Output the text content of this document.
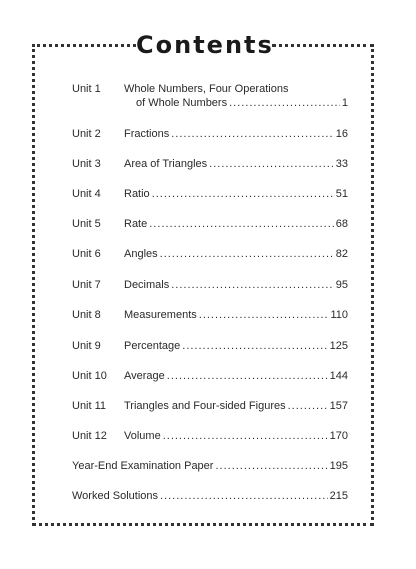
Contents
Unit 1	Whole Numbers, Four Operations
of Whole Numbers .....	1
Unit 2	Fractions .....	16
Unit 3	Area of Triangles .....	33
Unit 4	Ratio .....	51
Unit 5	Rate .....	68
Unit 6	Angles .....	82
Unit 7	Decimals .....	95
Unit 8	Measurements .....	110
Unit 9	Percentage .....	125
Unit 10	Average .....	144
Unit 11	Triangles and Four-sided Figures .....	157
Unit 12	Volume .....	170
Year-End Examination Paper .....	195
Worked Solutions .....	215
